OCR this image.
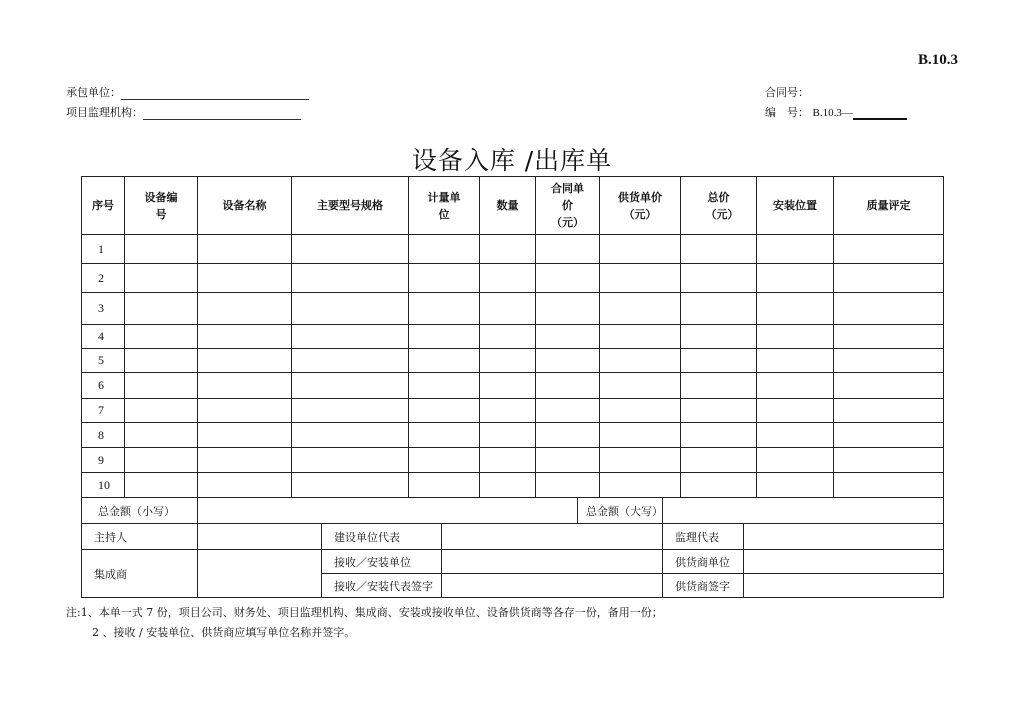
B.10.3
承包单位：
项目监理机构：
合同号：
编　号： B.10.3—
设备入库 /出库单
序号	设备编号	设备名称	主要型号规格	计量单位	数量	合同单价（元）	供货单价（元）	总价（元）	安装位置	质量评定
1										
2										
3										
4										
5										
6										
7										
8										
9										
10										
总金额（小写）				总金额（大写）		
主持人		建设单位代表			监理代表	
集成商		接收／安装单位			供货商单位	
		接收／安装代表签字			供货商签字	
注:1、本单一式 7 份，项目公司、财务处、项目监理机构、集成商、安装或接收单位、设备供货商等各存一份，备用一份；
2 、接收 / 安装单位、供货商应填写单位名称并签字。
